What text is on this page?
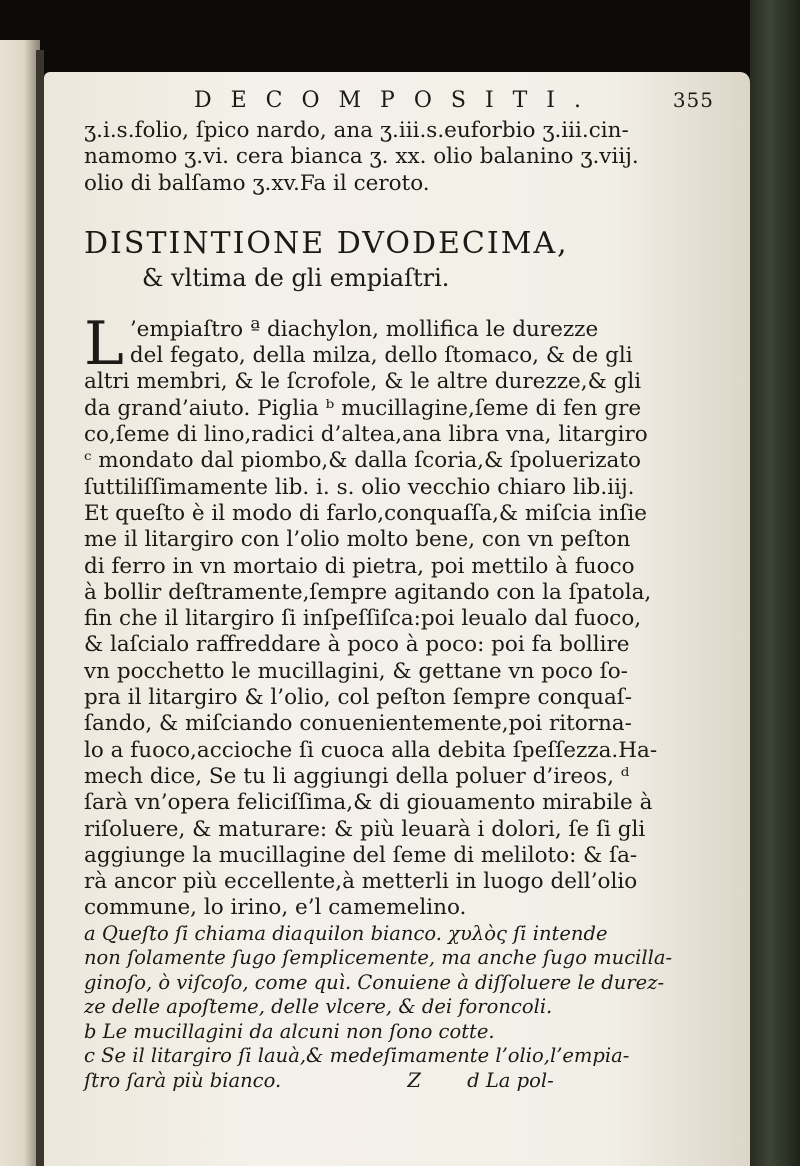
D E C O M P O S I T I .	355
ʒ.i.s.folio, ſpico nardo, ana ʒ.iii.s.euforbio ʒ.iii.cin-
namomo ʒ.vi. cera bianca ʒ. xx. olio balanino ʒ.viij.
olio di balſamo ʒ.xv.Fa il ceroto.
DISTINTIONE DVODECIMA,
& vltima de gli empiaſtri.
L ’empiaſtro ª diachylon, mollifica le durezze
del fegato, della milza, dello ſtomaco, & de gli
altri membri, & le ſcrofole, & le altre durezze,& gli
da grand’aiuto. Piglia ᵇ mucillagine,ſeme di fen gre
co,ſeme di lino,radici d’altea,ana libra vna, litargiro
ᶜ mondato dal piombo,& dalla ſcoria,& ſpoluerizato
ſuttiliſſimamente lib. i. s. olio vecchio chiaro lib.iij.
Et queſto è il modo di farlo,conquaſſa,& miſcia inſie
me il litargiro con l’olio molto bene, con vn peſton
di ferro in vn mortaio di pietra, poi mettilo à fuoco
à bollir deſtramente,ſempre agitando con la ſpatola,
fin che il litargiro ſi inſpeſſiſca:poi leualo dal fuoco,
& laſcialo raffreddare à poco à poco: poi fa bollire
vn pocchetto le mucillagini, & gettane vn poco ſo-
pra il litargiro & l’olio, col peſton ſempre conquaſ-
ſando, & miſciando conuenientemente,poi ritorna-
lo a fuoco,accioche ſi cuoca alla debita ſpeſſezza.Ha-
mech dice, Se tu li aggiungi della poluer d’ireos, ᵈ
ſarà vn’opera feliciſſima,& di giouamento mirabile à
riſoluere, & maturare: & più leuarà i dolori, ſe ſi gli
aggiunge la mucillagine del ſeme di meliloto: & ſa-
rà ancor più eccellente,à metterli in luogo dell’olio
commune, lo irino, e’l camemelino.
a Queſto ſi chiama diaquilon bianco. χυλὸς ſi intende
non ſolamente ſugo ſemplicemente, ma anche ſugo mucilla-
ginoſo, ò viſcoſo, come quì. Conuiene à diſſoluere le durez-
ze delle apoſteme, delle vlcere, & dei foroncoli.
b Le mucillagini da alcuni non ſono cotte.
c Se il litargiro ſi lauà,& medeſimamente l’olio,l’empia-
ſtro ſarà più bianco.	Z d La pol-
